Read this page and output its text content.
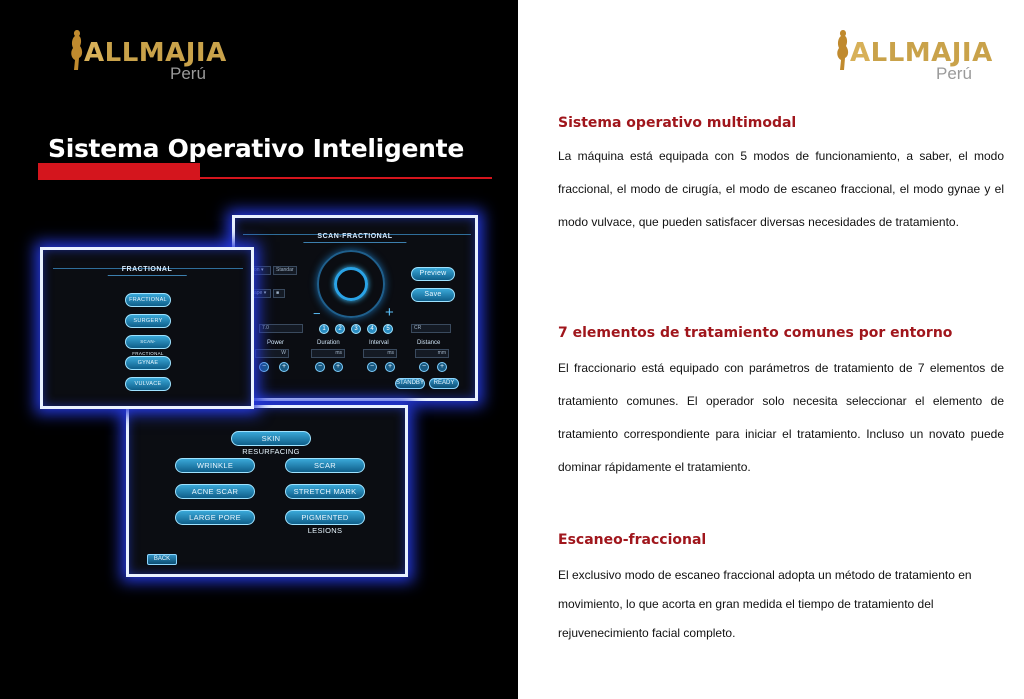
ALLMAJIA
Perú
Sistema Operativo Inteligente
SCAN-FRACTIONAL
on ▾	Standar
ape ▾	■
Preview
Save
−	+
7.0	1	2	3	4	5	CR
Power	Duration	Interval	Distance
W	ms	ms	mm
−	+	−	+	−	+	−	+
STANDBY	READY
SKIN RESURFACING
WRINKLE	SCAR
ACNE SCAR	STRETCH MARK
LARGE PORE	PIGMENTED LESIONS
BACK
FRACTIONAL
FRACTIONAL
SURGERY
SCAN-FRACTIONAL
GYNAE
VULVACE
ALLMAJIA
Perú
Sistema operativo multimodal
La máquina está equipada con 5 modos de funcionamiento, a saber, el modo fraccional, el modo de cirugía, el modo de escaneo fraccional, el modo gynae y el modo vulvace, que pueden satisfacer diversas necesidades de tratamiento.
7 elementos de tratamiento comunes por entorno
El fraccionario está equipado con parámetros de tratamiento de 7 elementos de tratamiento comunes. El operador solo necesita seleccionar el elemento de tratamiento correspondiente para iniciar el tratamiento. Incluso un novato puede dominar rápidamente el tratamiento.
Escaneo-fraccional
El exclusivo modo de escaneo fraccional adopta un método de tratamiento en movimiento, lo que acorta en gran medida el tiempo de tratamiento del rejuvenecimiento facial completo.
